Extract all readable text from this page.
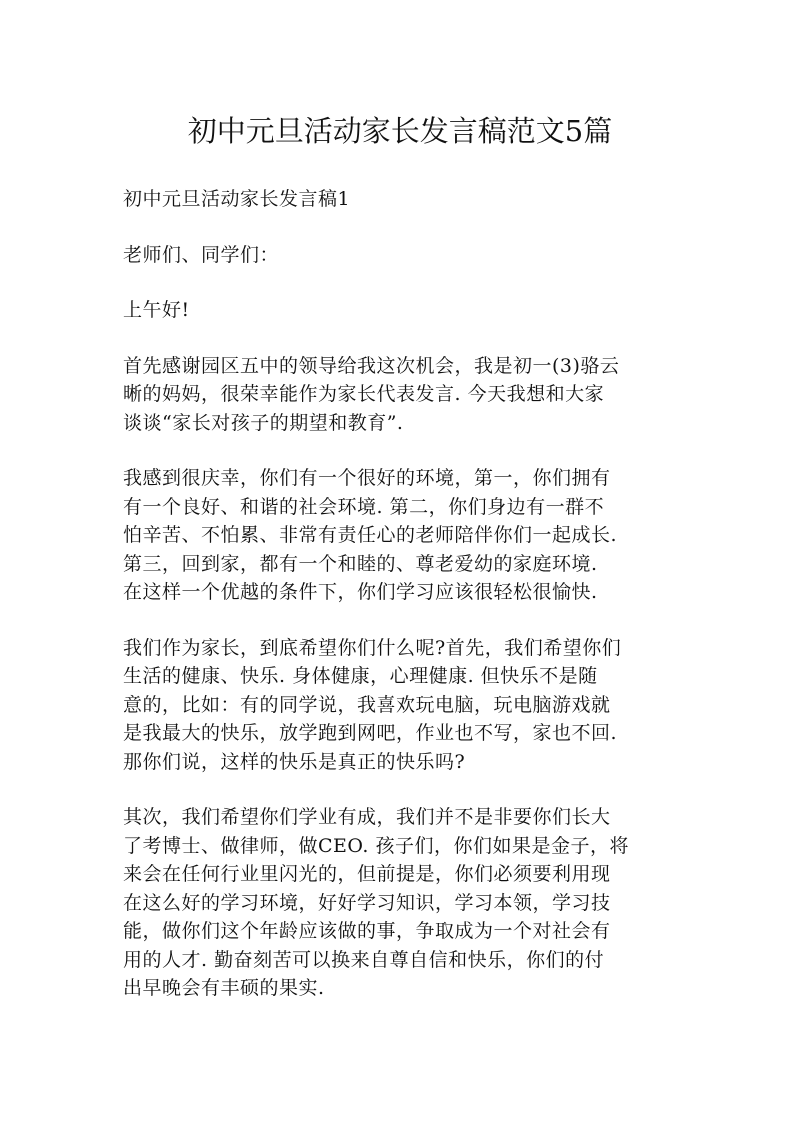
初中元旦活动家长发言稿范文5篇

初中元旦活动家长发言稿1

老师们、同学们：

上午好!

首先感谢园区五中的领导给我这次机会，我是初一(3)骆云
晰的妈妈，很荣幸能作为家长代表发言. 今天我想和大家
谈谈“家长对孩子的期望和教育”.

我感到很庆幸，你们有一个很好的环境，第一，你们拥有
有一个良好、和谐的社会环境. 第二，你们身边有一群不
怕辛苦、不怕累、非常有责任心的老师陪伴你们一起成长.
第三，回到家，都有一个和睦的、尊老爱幼的家庭环境.
在这样一个优越的条件下，你们学习应该很轻松很愉快.

我们作为家长，到底希望你们什么呢?首先，我们希望你们
生活的健康、快乐. 身体健康，心理健康. 但快乐不是随
意的，比如：有的同学说，我喜欢玩电脑，玩电脑游戏就
是我最大的快乐，放学跑到网吧，作业也不写，家也不回.
那你们说，这样的快乐是真正的快乐吗?

其次，我们希望你们学业有成，我们并不是非要你们长大
了考博士、做律师，做CEO. 孩子们，你们如果是金子，将
来会在任何行业里闪光的，但前提是，你们必须要利用现
在这么好的学习环境，好好学习知识，学习本领，学习技
能，做你们这个年龄应该做的事，争取成为一个对社会有
用的人才. 勤奋刻苦可以换来自尊自信和快乐，你们的付
出早晚会有丰硕的果实.
